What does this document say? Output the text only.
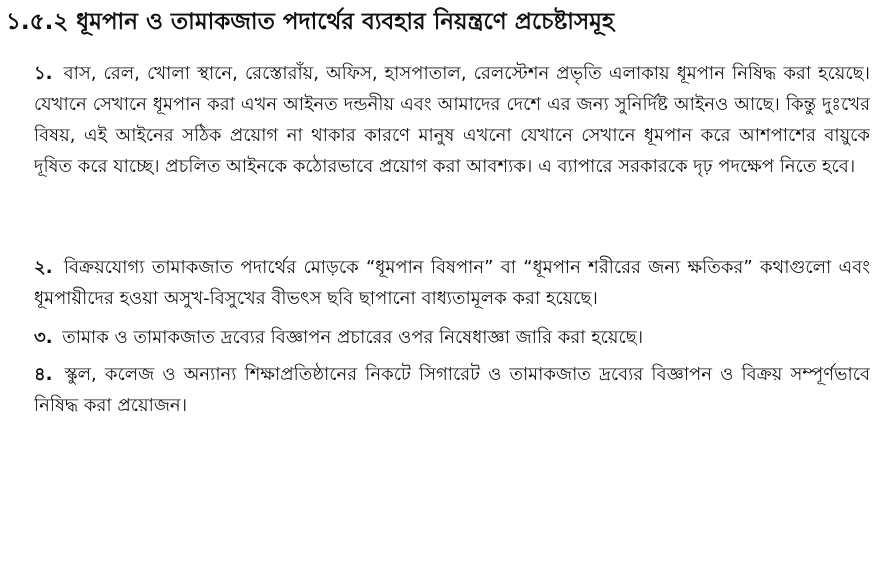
১.৫.২ ধূমপান ও তামাকজাত পদার্থের ব্যবহার নিয়ন্ত্রণে প্রচেষ্টাসমূহ

১. বাস, রেল, খোলা স্থানে, রেস্তোরাঁয়, অফিস, হাসপাতাল, রেলস্টেশন প্রভৃতি এলাকায় ধূমপান নিষিদ্ধ করা হয়েছে। যেখানে সেখানে ধূমপান করা এখন আইনত দন্ডনীয় এবং আমাদের দেশে এর জন্য সুনির্দিষ্ট আইনও আছে। কিন্তু দুঃখের বিষয়, এই আইনের সঠিক প্রয়োগ না থাকার কারণে মানুষ এখনো যেখানে সেখানে ধূমপান করে আশপাশের বায়ুকে দূষিত করে যাচ্ছে। প্রচলিত আইনকে কঠোরভাবে প্রয়োগ করা আবশ্যক। এ ব্যাপারে সরকারকে দৃঢ় পদক্ষেপ নিতে হবে।

২. বিক্রয়যোগ্য তামাকজাত পদার্থের মোড়কে “ধূমপান বিষপান” বা “ধূমপান শরীরের জন্য ক্ষতিকর” কথাগুলো এবং ধূমপায়ীদের হওয়া অসুখ-বিসুখের বীভৎস ছবি ছাপানো বাধ্যতামূলক করা হয়েছে।

৩. তামাক ও তামাকজাত দ্রব্যের বিজ্ঞাপন প্রচারের ওপর নিষেধাজ্ঞা জারি করা হয়েছে।

৪. স্কুল, কলেজ ও অন্যান্য শিক্ষাপ্রতিষ্ঠানের নিকটে সিগারেট ও তামাকজাত দ্রব্যের বিজ্ঞাপন ও বিক্রয় সম্পূর্ণভাবে নিষিদ্ধ করা প্রয়োজন।
